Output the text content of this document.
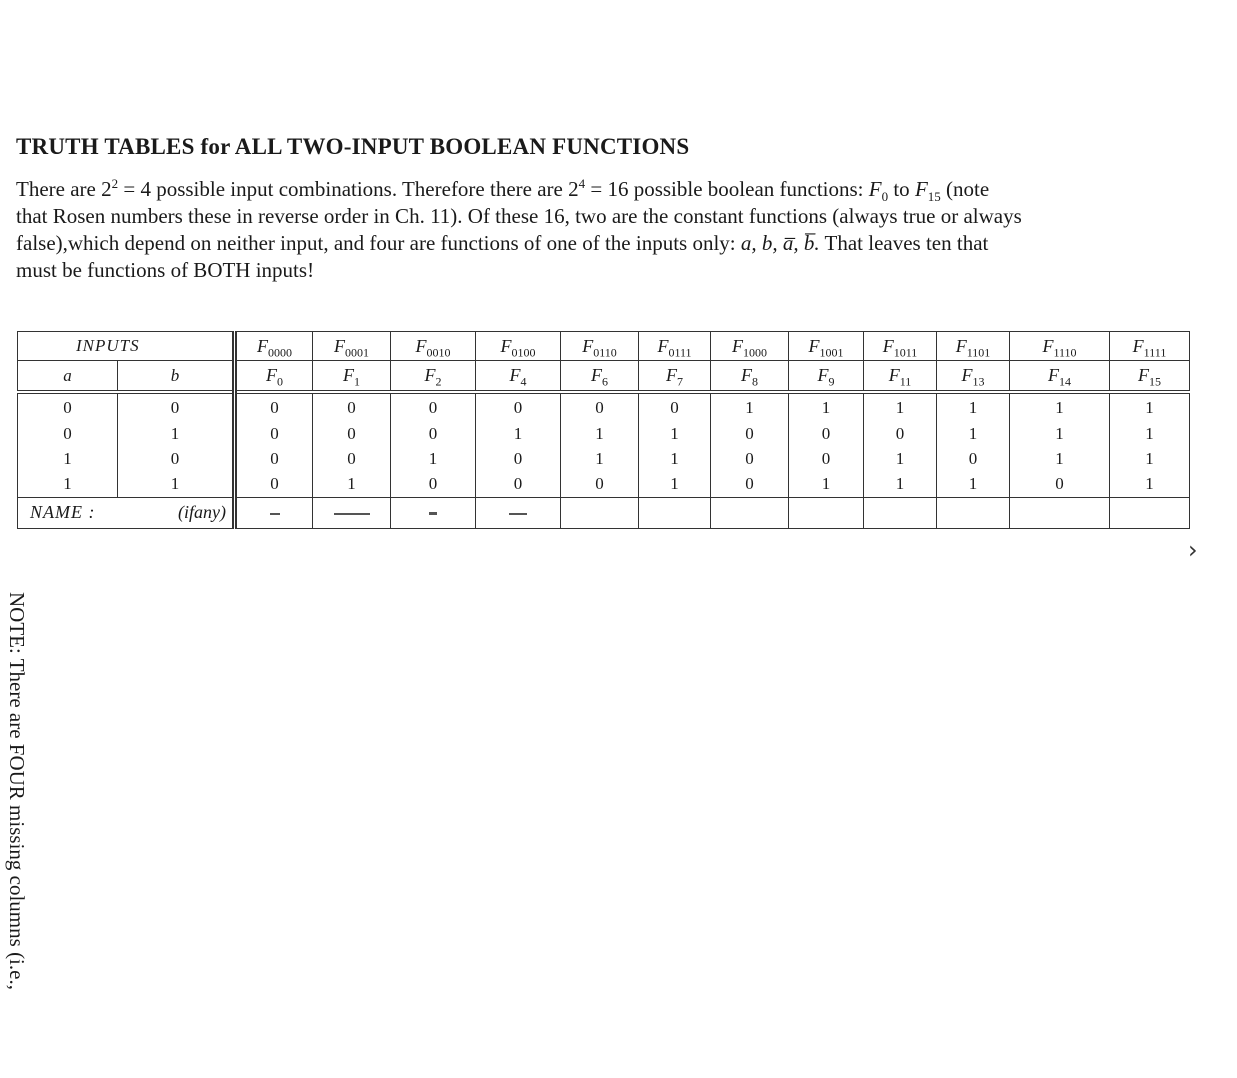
TRUTH TABLES for ALL TWO-INPUT BOOLEAN FUNCTIONS

There are $2^2 = 4$ possible input combinations. Therefore there are $2^4 = 16$ possible boolean functions: $F_0$ to $F_{15}$ (note
that Rosen numbers these in reverse order in Ch. 11). Of these 16, two are the constant functions (always true or always
false),which depend on neither input, and four are functions of one of the inputs only: a, b, a̅, b̅. That leaves ten that
must be functions of BOTH inputs!

INPUTS		$F_{0000}$	$F_{0001}$	$F_{0010}$	$F_{0100}$	$F_{0110}$	$F_{0111}$	$F_{1000}$	$F_{1001}$	$F_{1011}$	$F_{1101}$	$F_{1110}$	$F_{1111}$
a	b	$F_0$	$F_1$	$F_2$	$F_4$	$F_6$	$F_7$	$F_8$	$F_9$	$F_{11}$	$F_{13}$	$F_{14}$	$F_{15}$
0	0	0	0	0	0	0	0	1	1	1	1	1	1
0	1	0	0	0	1	1	1	0	0	0	1	1	1
1	0	0	0	1	0	1	1	0	0	1	0	1	1
1	1	0	1	0	0	0	1	0	1	1	1	0	1
NAME :	(ifany)												
›
NOTE: There are FOUR missing columns (i.e.,
